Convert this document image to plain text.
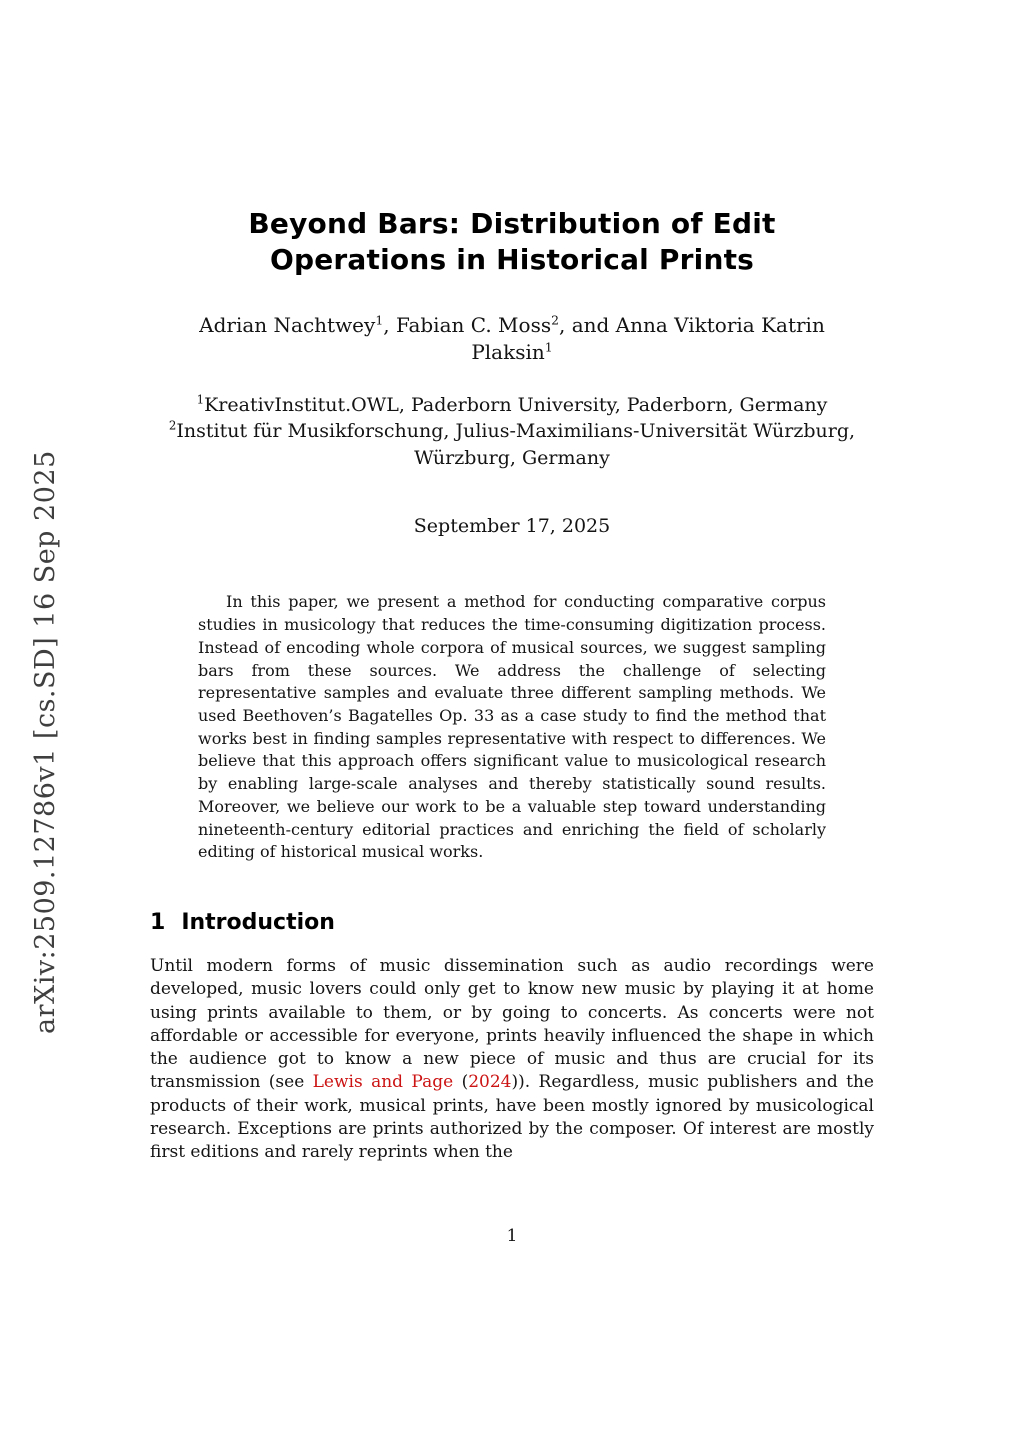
arXiv:2509.12786v1 [cs.SD] 16 Sep 2025
Beyond Bars: Distribution of Edit
Operations in Historical Prints

Adrian Nachtwey$^1$, Fabian C. Moss$^2$, and Anna Viktoria Katrin Plaksin$^1$

$^1$KreativInstitut.OWL, Paderborn University, Paderborn, Germany
$^2$Institut für Musikforschung, Julius-Maximilians-Universität Würzburg, Würzburg, Germany

September 17, 2025

In this paper, we present a method for conducting comparative corpus studies in musicology that reduces the time-consuming digitization process. Instead of encoding whole corpora of musical sources, we suggest sampling bars from these sources. We address the challenge of selecting representative samples and evaluate three different sampling methods. We used Beethoven’s Bagatelles Op. 33 as a case study to find the method that works best in finding samples representative with respect to differences. We believe that this approach offers significant value to musicological research by enabling large-scale analyses and thereby statistically sound results. Moreover, we believe our work to be a valuable step toward understanding nineteenth-century editorial practices and enriching the field of scholarly editing of historical musical works.

1 Introduction

Until modern forms of music dissemination such as audio recordings were developed, music lovers could only get to know new music by playing it at home using prints available to them, or by going to concerts. As concerts were not affordable or accessible for everyone, prints heavily influenced the shape in which the audience got to know a new piece of music and thus are crucial for its transmission (see Lewis and Page (2024)). Regardless, music publishers and the products of their work, musical prints, have been mostly ignored by musicological research. Exceptions are prints authorized by the composer. Of interest are mostly first editions and rarely reprints when the

1
